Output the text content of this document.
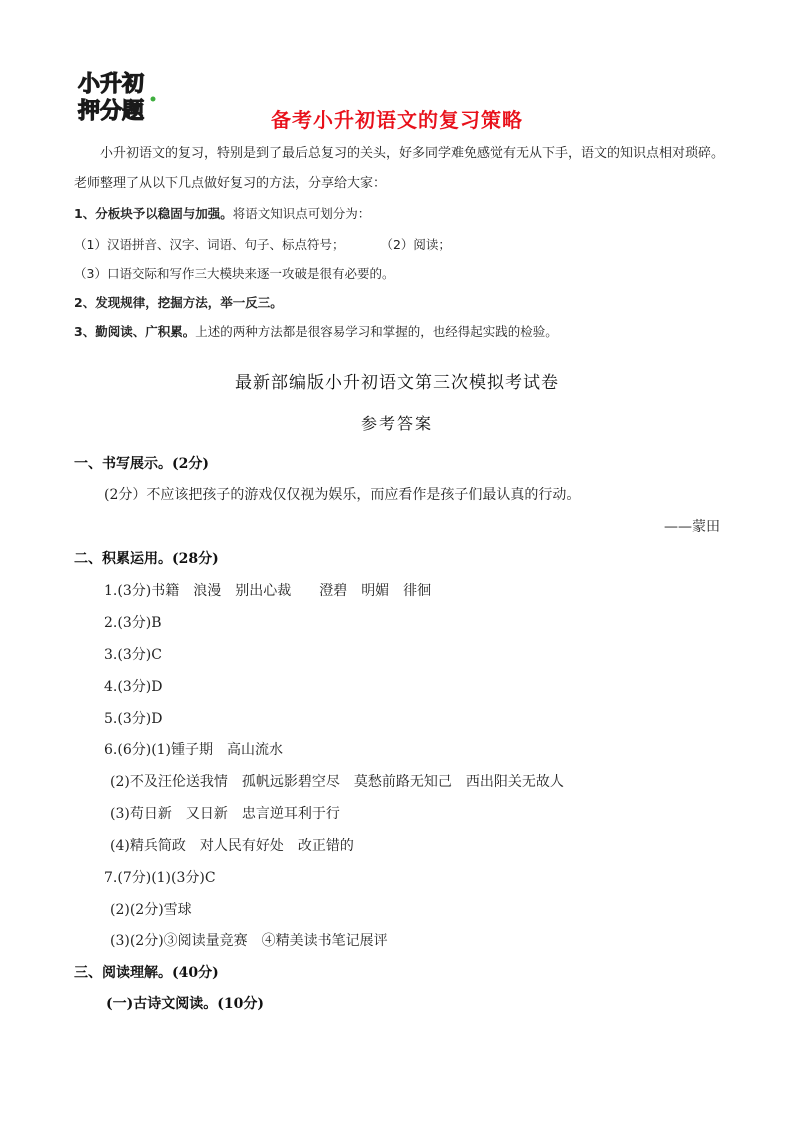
小升初
押分题	备考小升初语文的复习策略
小升初语文的复习，特别是到了最后总复习的关头，好多同学难免感觉有无从下手，语文的知识点相对琐碎。老师整理了从以下几点做好复习的方法，分享给大家：
1、分板块予以稳固与加强。将语文知识点可划分为：
（1）汉语拼音、汉字、词语、句子、标点符号；	（2）阅读；
（3）口语交际和写作三大模块来逐一攻破是很有必要的。
2、发现规律，挖掘方法，举一反三。
3、勤阅读、广积累。上述的两种方法都是很容易学习和掌握的，也经得起实践的检验。
最新部编版小升初语文第三次模拟考试卷
参考答案
一、书写展示。(2分)
(2分）不应该把孩子的游戏仅仅视为娱乐，而应看作是孩子们最认真的行动。
——蒙田
二、积累运用。(28分)
1.(3分)书籍　浪漫　别出心裁　　澄碧　明媚　徘徊
2.(3分)B
3.(3分)C
4.(3分)D
5.(3分)D
6.(6分)(1)锺子期　高山流水
(2)不及汪伦送我情　孤帆远影碧空尽　莫愁前路无知己　西出阳关无故人
(3)苟日新　又日新　忠言逆耳利于行
(4)精兵简政　对人民有好处　改正错的
7.(7分)(1)(3分)C
(2)(2分)雪球
(3)(2分)③阅读量竞赛　④精美读书笔记展评
三、阅读理解。(40分)
(一)古诗文阅读。(10分)
